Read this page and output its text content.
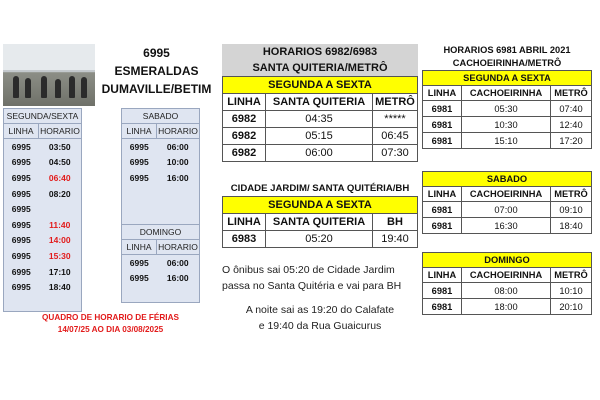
6995
ESMERALDAS
DUMAVILLE/BETIM
SEGUNDA/SEXTA	
LINHA	HORARIO
6995	03:50
6995	04:50
6995	06:40
6995	08:20
6995	
6995	11:40
6995	14:00
6995	15:30
6995	17:10
6995	18:40

SABADO	
LINHA	HORARIO
6995	06:00
6995	10:00
6995	16:00

DOMINGO	
LINHA	HORARIO
6995	06:00
6995	16:00

QUADRO DE HORARIO DE FÉRIAS
14/07/25 AO DIA 03/08/2025
HORARIOS 6982/6983
SANTA QUITERIA/METRÔ
SEGUNDA A SEXTA		
LINHA	SANTA QUITERIA	METRÔ
6982	04:35	*****
6982	05:15	06:45
6982	06:00	07:30
CIDADE JARDIM/ SANTA QUITÉRIA/BH
SEGUNDA A SEXTA		
LINHA	SANTA QUITERIA	BH
6983	05:20	19:40
O ônibus sai 05:20 de Cidade Jardim
passa no Santa Quitéria e vai para BH
A noite sai as 19:20 do Calafate
e 19:40 da Rua Guaicurus
HORARIOS 6981 ABRIL 2021
CACHOEIRINHA/METRÔ
SEGUNDA A SEXTA		
LINHA	CACHOEIRINHA	METRÔ
6981	05:30	07:40
6981	10:30	12:40
6981	15:10	17:20
SABADO		
LINHA	CACHOEIRINHA	METRÔ
6981	07:00	09:10
6981	16:30	18:40
DOMINGO		
LINHA	CACHOEIRINHA	METRÔ
6981	08:00	10:10
6981	18:00	20:10
